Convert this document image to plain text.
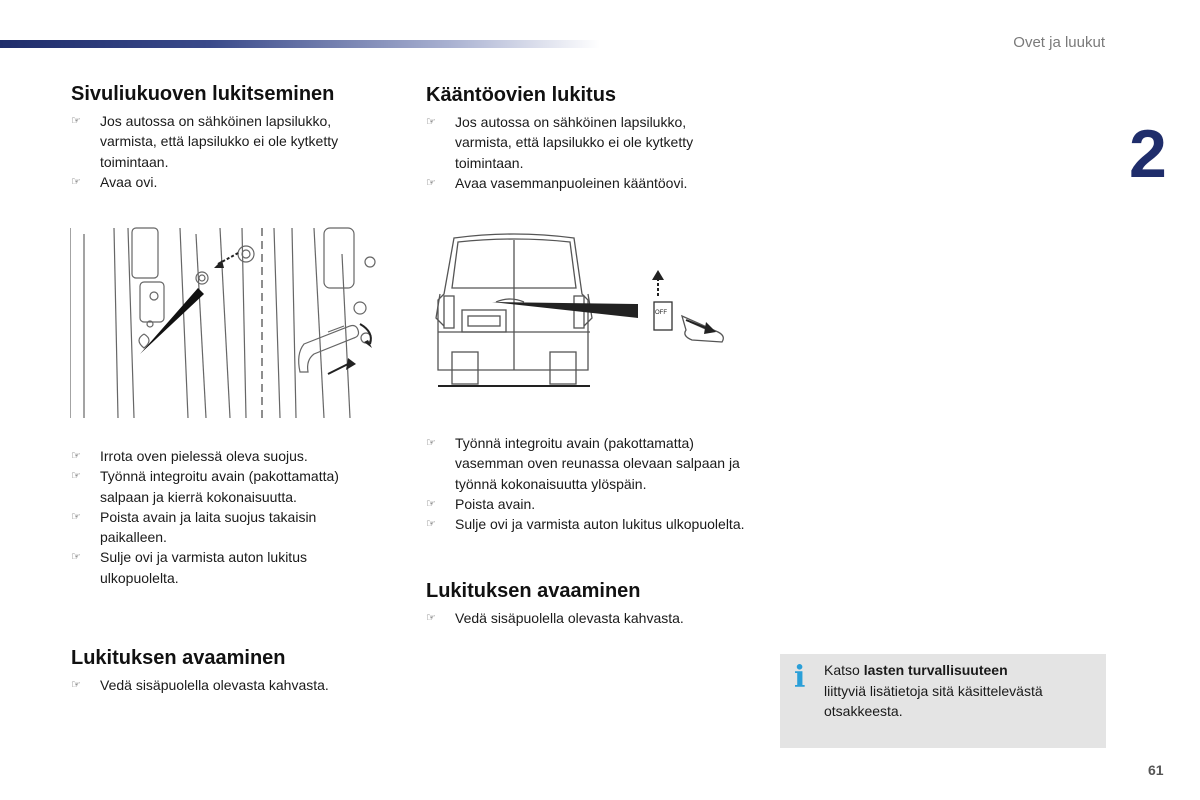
Ovet ja luukut
2
Sivuliukuoven lukitseminen
☞ Jos autossa on sähköinen lapsilukko, varmista, että lapsilukko ei ole kytketty toimintaan.
☞ Avaa ovi.
☞ Irrota oven pielessä oleva suojus.
☞ Työnnä integroitu avain (pakottamatta) salpaan ja kierrä kokonaisuutta.
☞ Poista avain ja laita suojus takaisin paikalleen.
☞ Sulje ovi ja varmista auton lukitus ulkopuolelta.
Lukituksen avaaminen
☞ Vedä sisäpuolella olevasta kahvasta.
Kääntöovien lukitus
☞ Jos autossa on sähköinen lapsilukko, varmista, että lapsilukko ei ole kytketty toimintaan.
☞ Avaa vasemmanpuoleinen kääntöovi.
OFF
☞ Työnnä integroitu avain (pakottamatta) vasemman oven reunassa olevaan salpaan ja työnnä kokonaisuutta ylöspäin.
☞ Poista avain.
☞ Sulje ovi ja varmista auton lukitus ulkopuolelta.
Lukituksen avaaminen
☞ Vedä sisäpuolella olevasta kahvasta.
i Katso lasten turvallisuuteen
liittyviä lisätietoja sitä käsittelevästä otsakkeesta.
61
